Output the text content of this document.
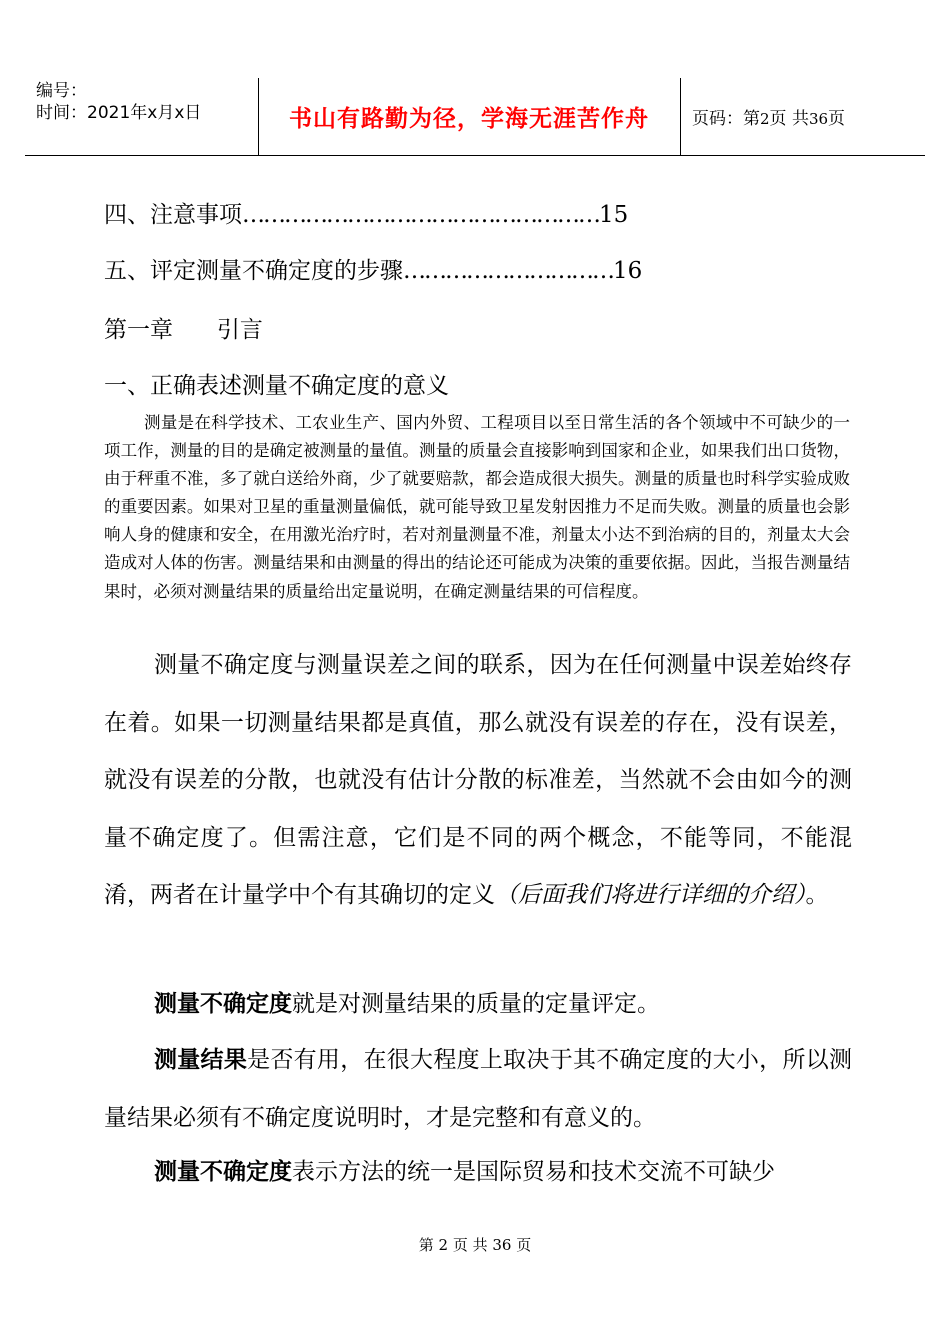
编号：
时间：2021年x月x日	书山有路勤为径，学海无涯苦作舟	页码：第2页 共36页
四、注意事项……………………………………………15
五、评定测量不确定度的步骤…………………………16
第一章      引言
一、正确表述测量不确定度的意义
测量是在科学技术、工农业生产、国内外贸、工程项目以至日常生活的各个领域中不可缺少的一项工作，测量的目的是确定被测量的量值。测量的质量会直接影响到国家和企业，如果我们出口货物，由于秤重不准，多了就白送给外商，少了就要赔款，都会造成很大损失。测量的质量也时科学实验成败的重要因素。如果对卫星的重量测量偏低，就可能导致卫星发射因推力不足而失败。测量的质量也会影响人身的健康和安全，在用激光治疗时，若对剂量测量不准，剂量太小达不到治病的目的，剂量太大会造成对人体的伤害。测量结果和由测量的得出的结论还可能成为决策的重要依据。因此，当报告测量结果时，必须对测量结果的质量给出定量说明，在确定测量结果的可信程度。
测量不确定度与测量误差之间的联系，因为在任何测量中误差始终存在着。如果一切测量结果都是真值，那么就没有误差的存在，没有误差，就没有误差的分散，也就没有估计分散的标准差，当然就不会由如今的测量不确定度了。但需注意，它们是不同的两个概念，不能等同，不能混淆，两者在计量学中个有其确切的定义（后面我们将进行详细的介绍）。
测量不确定度就是对测量结果的质量的定量评定。
测量结果是否有用，在很大程度上取决于其不确定度的大小，所以测量结果必须有不确定度说明时，才是完整和有意义的。
测量不确定度表示方法的统一是国际贸易和技术交流不可缺少
第 2 页 共 36 页
